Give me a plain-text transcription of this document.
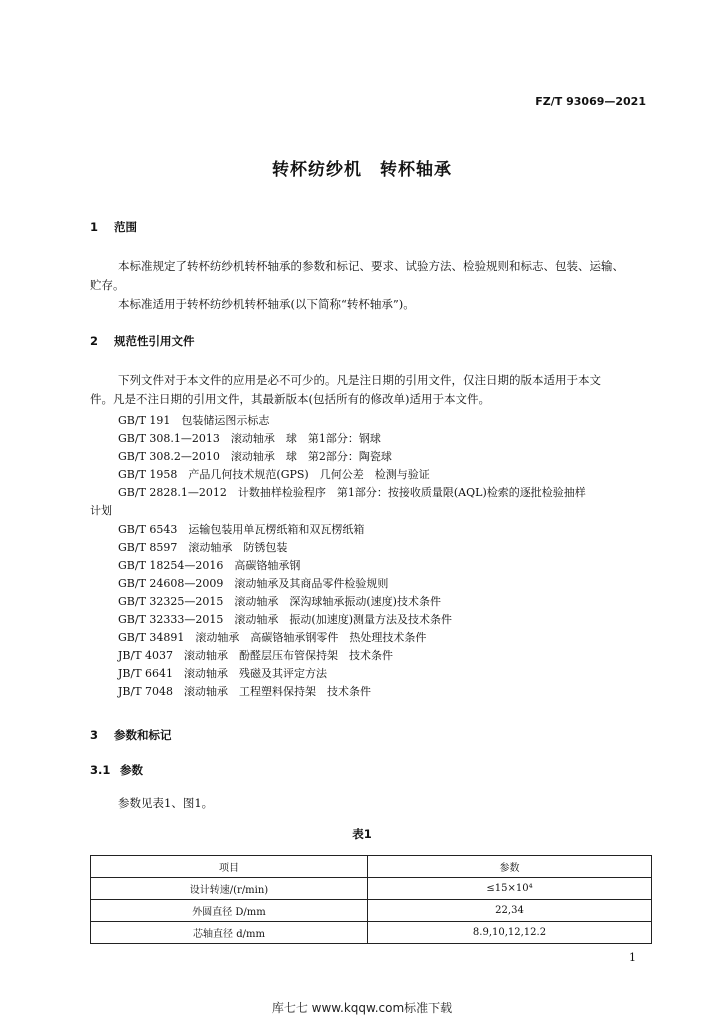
FZ/T 93069—2021
转杯纺纱机　转杯轴承
1 范围

本标准规定了转杯纺纱机转杯轴承的参数和标记、要求、试验方法、检验规则和标志、包装、运输、

贮存。

本标准适用于转杯纺纱机转杯轴承(以下简称“转杯轴承”)。

2 规范性引用文件

下列文件对于本文件的应用是必不可少的。凡是注日期的引用文件，仅注日期的版本适用于本文

件。凡是不注日期的引用文件，其最新版本(包括所有的修改单)适用于本文件。

GB/T 191　包装储运图示标志
GB/T 308.1—2013　滚动轴承　球　第1部分：钢球
GB/T 308.2—2010　滚动轴承　球　第2部分：陶瓷球
GB/T 1958　产品几何技术规范(GPS)　几何公差　检测与验证
GB/T 2828.1—2012　计数抽样检验程序　第1部分：按接收质量限(AQL)检索的逐批检验抽样
计划
GB/T 6543　运输包装用单瓦楞纸箱和双瓦楞纸箱
GB/T 8597　滚动轴承　防锈包装
GB/T 18254—2016　高碳铬轴承钢
GB/T 24608—2009　滚动轴承及其商品零件检验规则
GB/T 32325—2015　滚动轴承　深沟球轴承振动(速度)技术条件
GB/T 32333—2015　滚动轴承　振动(加速度)测量方法及技术条件
GB/T 34891　滚动轴承　高碳铬轴承钢零件　热处理技术条件
JB/T 4037　滚动轴承　酚醛层压布管保持架　技术条件
JB/T 6641　滚动轴承　残磁及其评定方法
JB/T 7048　滚动轴承　工程塑料保持架　技术条件
3 参数和标记
3.1 参数

参数见表1、图1。

表1
项目	参数
设计转速/(r/min)	≤15×10⁴
外圆直径 D/mm	22,34
芯轴直径 d/mm	8.9,10,12,12.2
1
库七七 www.kqqw.com标准下载
